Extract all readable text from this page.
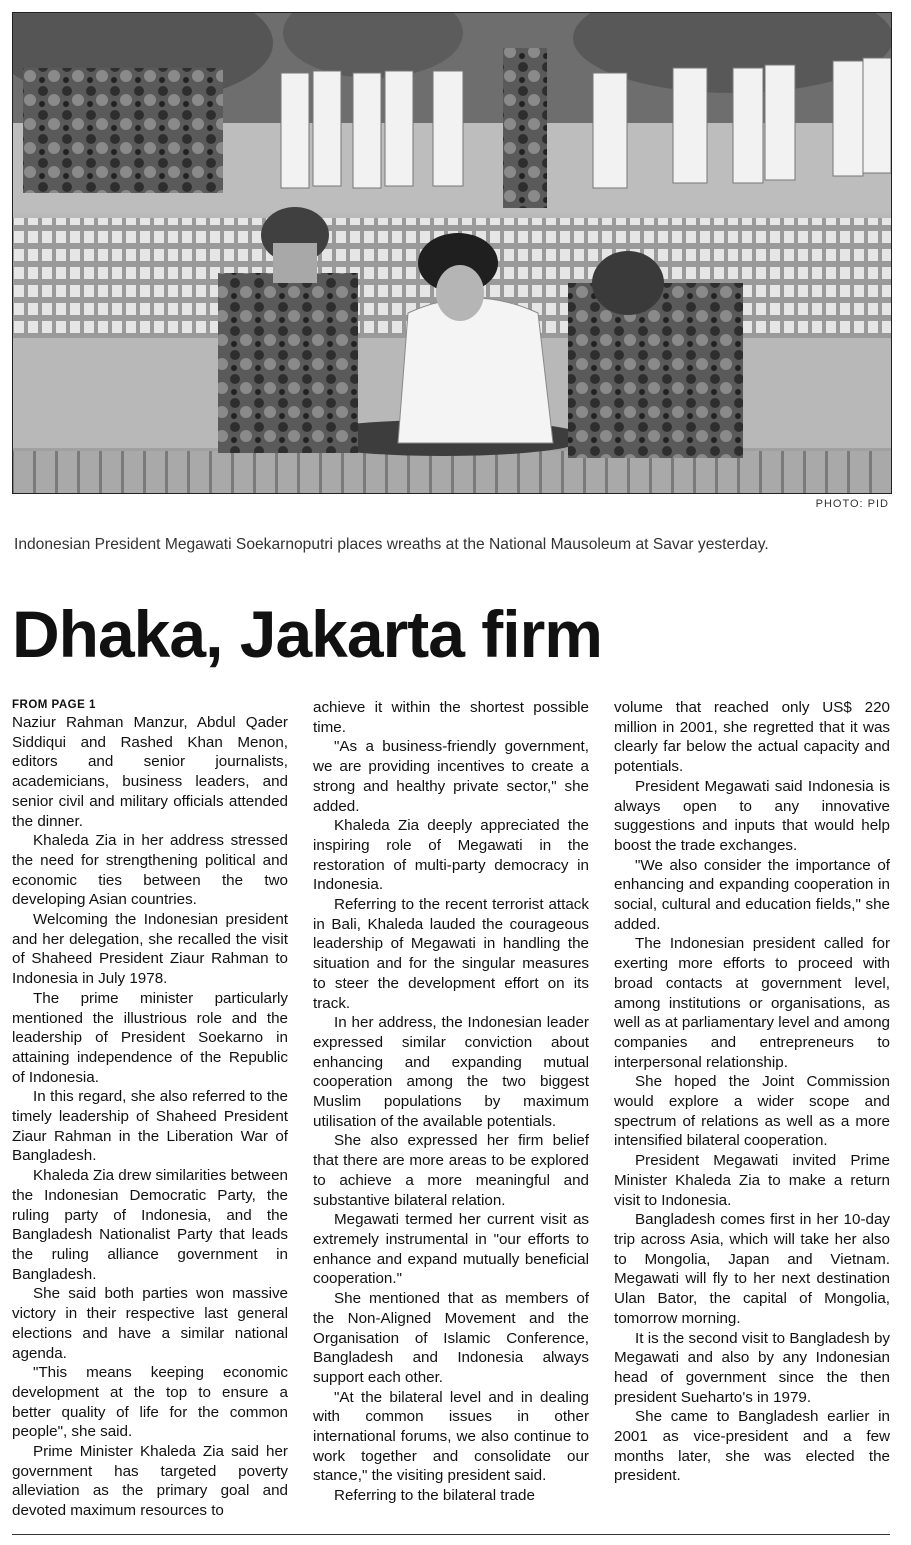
PHOTO: PID
Indonesian President Megawati Soekarnoputri places wreaths at the National Mausoleum at Savar yesterday.
Dhaka, Jakarta firm
FROM PAGE 1

Naziur Rahman Manzur, Abdul Qader Siddiqui and Rashed Khan Menon, editors and senior journalists, academicians, business leaders, and senior civil and military officials attended the dinner.

Khaleda Zia in her address stressed the need for strengthening political and economic ties between the two developing Asian countries.

Welcoming the Indonesian president and her delegation, she recalled the visit of Shaheed President Ziaur Rahman to Indonesia in July 1978.

The prime minister particularly mentioned the illustrious role and the leadership of President Soekarno in attaining independence of the Republic of Indonesia.

In this regard, she also referred to the timely leadership of Shaheed President Ziaur Rahman in the Liberation War of Bangladesh.

Khaleda Zia drew similarities between the Indonesian Democratic Party, the ruling party of Indonesia, and the Bangladesh Nationalist Party that leads the ruling alliance government in Bangladesh.

She said both parties won massive victory in their respective last general elections and have a similar national agenda.

"This means keeping economic development at the top to ensure a better quality of life for the common people", she said.

Prime Minister Khaleda Zia said her government has targeted poverty alleviation as the primary goal and devoted maximum resources to

achieve it within the shortest possible time.

"As a business-friendly government, we are providing incentives to create a strong and healthy private sector," she added.

Khaleda Zia deeply appreciated the inspiring role of Megawati in the restoration of multi-party democracy in Indonesia.

Referring to the recent terrorist attack in Bali, Khaleda lauded the courageous leadership of Megawati in handling the situation and for the singular measures to steer the development effort on its track.

In her address, the Indonesian leader expressed similar conviction about enhancing and expanding mutual cooperation among the two biggest Muslim populations by maximum utilisation of the available potentials.

She also expressed her firm belief that there are more areas to be explored to achieve a more meaningful and substantive bilateral relation.

Megawati termed her current visit as extremely instrumental in "our efforts to enhance and expand mutually beneficial cooperation."

She mentioned that as members of the Non-Aligned Movement and the Organisation of Islamic Conference, Bangladesh and Indonesia always support each other.

"At the bilateral level and in dealing with common issues in other international forums, we also continue to work together and consolidate our stance," the visiting president said.

Referring to the bilateral trade

volume that reached only US$ 220 million in 2001, she regretted that it was clearly far below the actual capacity and potentials.

President Megawati said Indonesia is always open to any innovative suggestions and inputs that would help boost the trade exchanges.

"We also consider the importance of enhancing and expanding cooperation in social, cultural and education fields," she added.

The Indonesian president called for exerting more efforts to proceed with broad contacts at government level, among institutions or organisations, as well as at parliamentary level and among companies and entrepreneurs to interpersonal relationship.

She hoped the Joint Commission would explore a wider scope and spectrum of relations as well as a more intensified bilateral cooperation.

President Megawati invited Prime Minister Khaleda Zia to make a return visit to Indonesia.

Bangladesh comes first in her 10-day trip across Asia, which will take her also to Mongolia, Japan and Vietnam. Megawati will fly to her next destination Ulan Bator, the capital of Mongolia, tomorrow morning.

It is the second visit to Bangladesh by Megawati and also by any Indonesian head of government since the then president Sueharto's in 1979.

She came to Bangladesh earlier in 2001 as vice-president and a few months later, she was elected the president.
